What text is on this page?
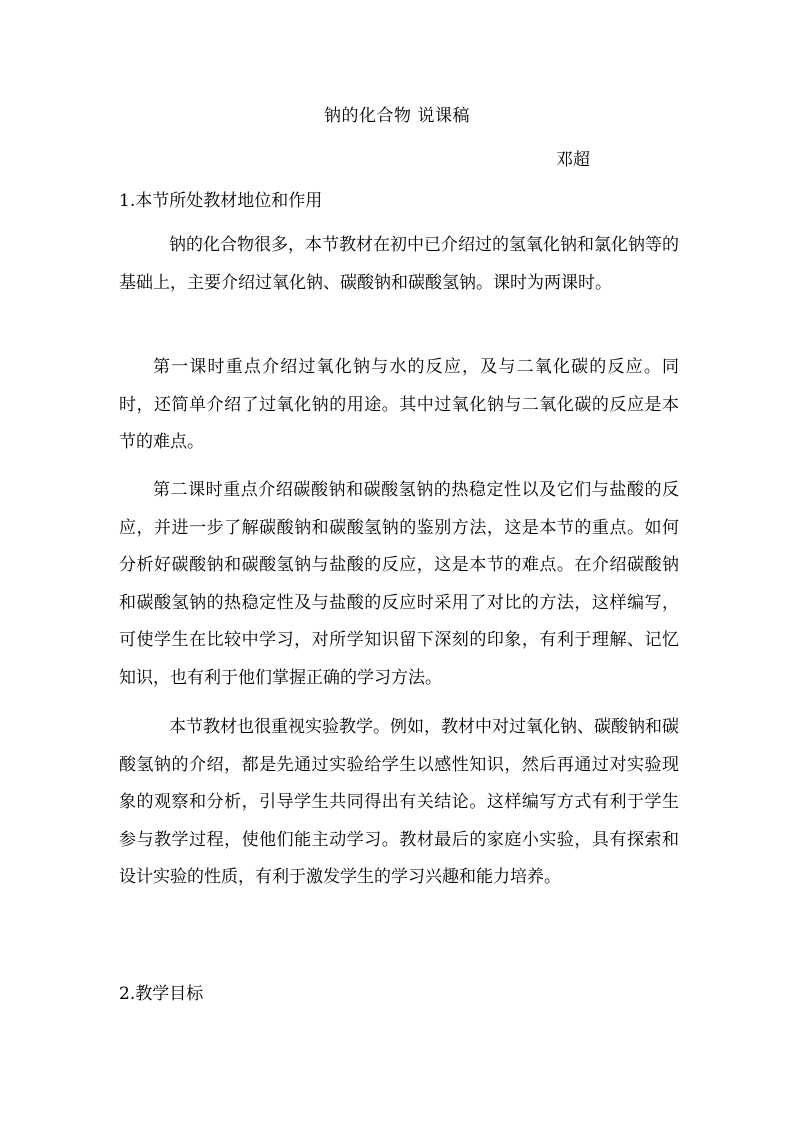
钠的化合物 说课稿
邓超
1.本节所处教材地位和作用

钠的化合物很多，本节教材在初中已介绍过的氢氧化钠和氯化钠等的基础上，主要介绍过氧化钠、碳酸钠和碳酸氢钠。课时为两课时。

第一课时重点介绍过氧化钠与水的反应，及与二氧化碳的反应。同时，还简单介绍了过氧化钠的用途。其中过氧化钠与二氧化碳的反应是本节的难点。

第二课时重点介绍碳酸钠和碳酸氢钠的热稳定性以及它们与盐酸的反应，并进一步了解碳酸钠和碳酸氢钠的鉴别方法，这是本节的重点。如何分析好碳酸钠和碳酸氢钠与盐酸的反应，这是本节的难点。在介绍碳酸钠和碳酸氢钠的热稳定性及与盐酸的反应时采用了对比的方法，这样编写，可使学生在比较中学习，对所学知识留下深刻的印象，有利于理解、记忆知识，也有利于他们掌握正确的学习方法。

本节教材也很重视实验教学。例如，教材中对过氧化钠、碳酸钠和碳酸氢钠的介绍，都是先通过实验给学生以感性知识，然后再通过对实验现象的观察和分析，引导学生共同得出有关结论。这样编写方式有利于学生参与教学过程，使他们能主动学习。教材最后的家庭小实验，具有探索和设计实验的性质，有利于激发学生的学习兴趣和能力培养。

2.教学目标
